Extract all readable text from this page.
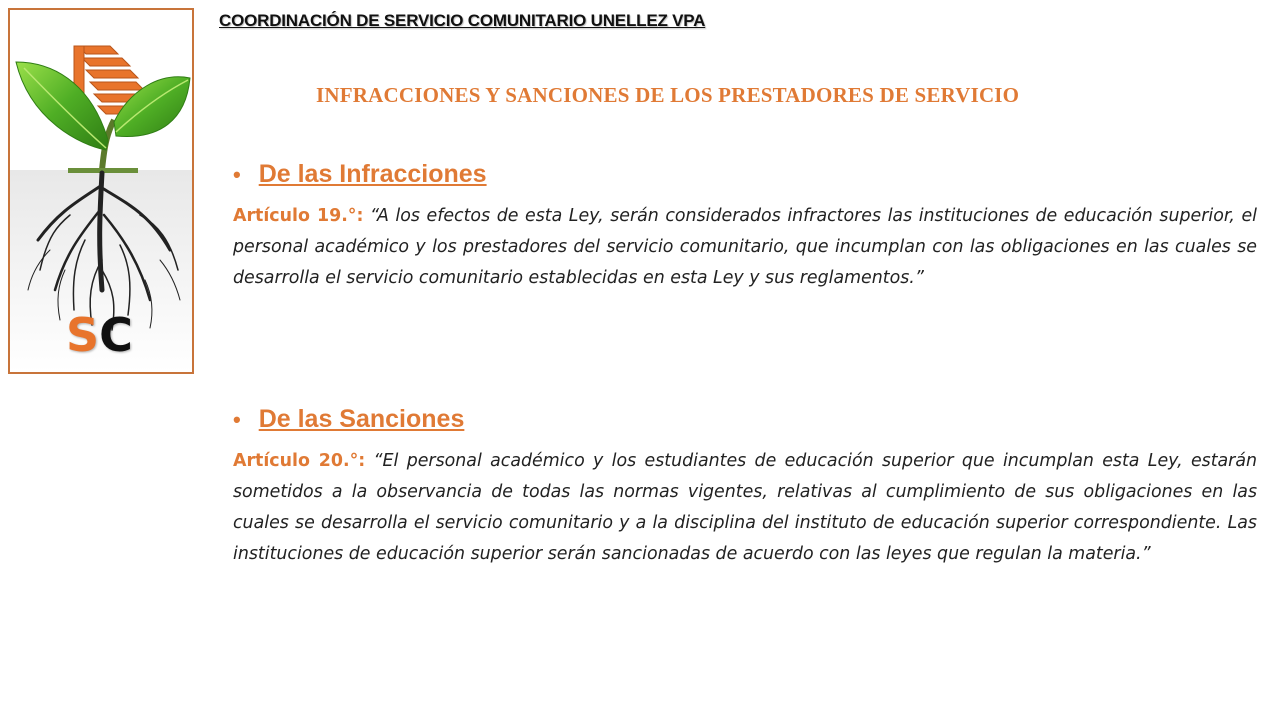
S C
COORDINACIÓN DE SERVICIO COMUNITARIO UNELLEZ VPA
INFRACCIONES Y SANCIONES DE LOS PRESTADORES DE SERVICIO
• De las Infracciones
Artículo 19.°: “A los efectos de esta Ley, serán considerados infractores las instituciones de educación superior, el personal académico y los prestadores del servicio comunitario, que incumplan con las obligaciones en las cuales se desarrolla el servicio comunitario establecidas en esta Ley y sus reglamentos.”
• De las Sanciones
Artículo 20.°: “El personal académico y los estudiantes de educación superior que incumplan esta Ley, estarán sometidos a la observancia de todas las normas vigentes, relativas al cumplimiento de sus obligaciones en las cuales se desarrolla el servicio comunitario y a la disciplina del instituto de educación superior correspondiente. Las instituciones de educación superior serán sancionadas de acuerdo con las leyes que regulan la materia.”
